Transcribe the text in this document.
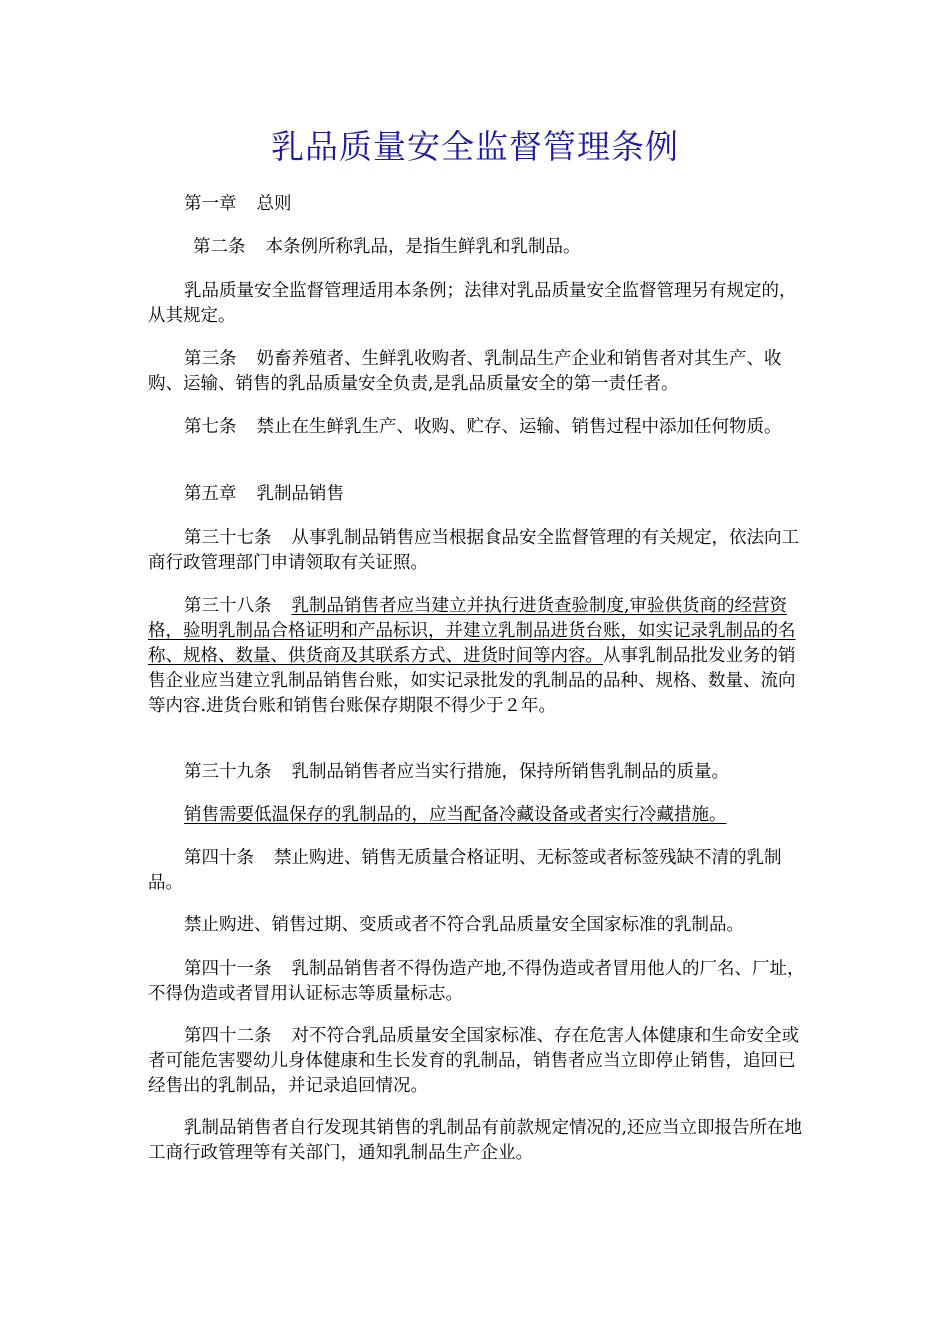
乳品质量安全监督管理条例

第一章 总则

第二条 本条例所称乳品，是指生鲜乳和乳制品。

乳品质量安全监督管理适用本条例；法律对乳品质量安全监督管理另有规定的，从其规定。

第三条 奶畜养殖者、生鲜乳收购者、乳制品生产企业和销售者对其生产、收购、运输、销售的乳品质量安全负责,是乳品质量安全的第一责任者。

第七条 禁止在生鲜乳生产、收购、贮存、运输、销售过程中添加任何物质。

第五章 乳制品销售

第三十七条 从事乳制品销售应当根据食品安全监督管理的有关规定，依法向工商行政管理部门申请领取有关证照。

第三十八条 乳制品销售者应当建立并执行进货查验制度,审验供货商的经营资格，验明乳制品合格证明和产品标识，并建立乳制品进货台账，如实记录乳制品的名称、规格、数量、供货商及其联系方式、进货时间等内容。从事乳制品批发业务的销售企业应当建立乳制品销售台账，如实记录批发的乳制品的品种、规格、数量、流向等内容.进货台账和销售台账保存期限不得少于２年。

第三十九条 乳制品销售者应当实行措施，保持所销售乳制品的质量。

销售需要低温保存的乳制品的，应当配备冷藏设备或者实行冷藏措施。

第四十条 禁止购进、销售无质量合格证明、无标签或者标签残缺不清的乳制品。

禁止购进、销售过期、变质或者不符合乳品质量安全国家标准的乳制品。

第四十一条 乳制品销售者不得伪造产地,不得伪造或者冒用他人的厂名、厂址，不得伪造或者冒用认证标志等质量标志。

第四十二条 对不符合乳品质量安全国家标准、存在危害人体健康和生命安全或者可能危害婴幼儿身体健康和生长发育的乳制品，销售者应当立即停止销售，追回已经售出的乳制品，并记录追回情况。

乳制品销售者自行发现其销售的乳制品有前款规定情况的,还应当立即报告所在地工商行政管理等有关部门，通知乳制品生产企业。
